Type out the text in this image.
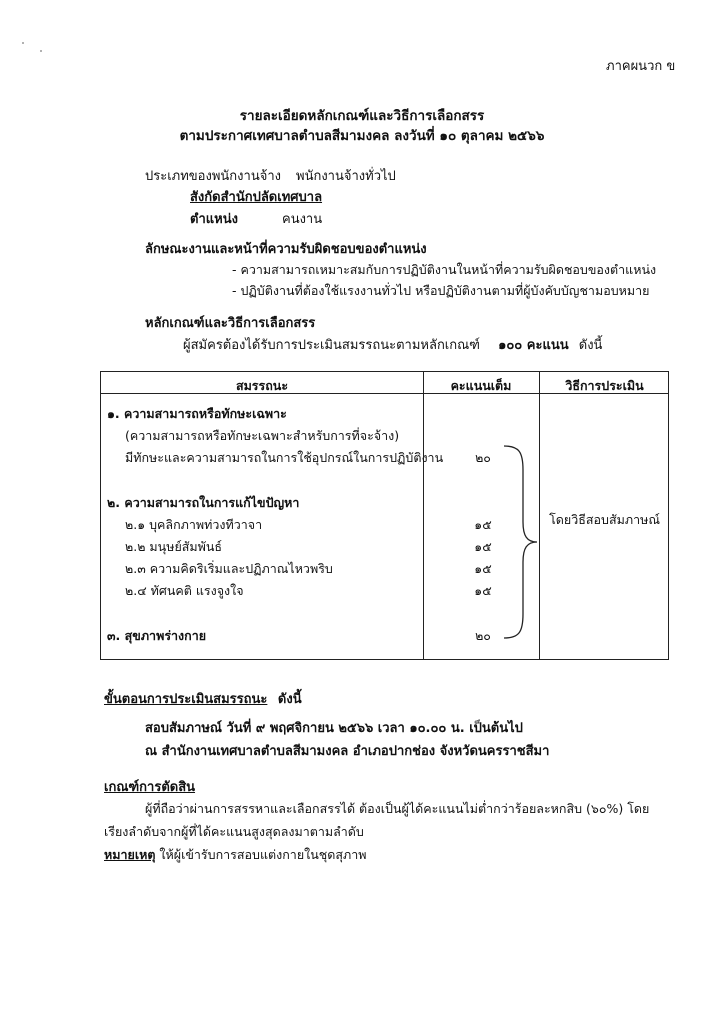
ภาคผนวก ข
รายละเอียดหลักเกณฑ์และวิธีการเลือกสรร
ตามประกาศเทศบาลตำบลสีมามงคล ลงวันที่ ๑๐ ตุลาคม ๒๕๖๖
ประเภทของพนักงานจ้าง พนักงานจ้างทั่วไป
สังกัดสำนักปลัดเทศบาล
ตำแหน่ง	คนงาน
ลักษณะงานและหน้าที่ความรับผิดชอบของตำแหน่ง
- ความสามารถเหมาะสมกับการปฏิบัติงานในหน้าที่ความรับผิดชอบของตำแหน่ง
- ปฏิบัติงานที่ต้องใช้แรงงานทั่วไป หรือปฏิบัติงานตามที่ผู้บังคับบัญชามอบหมาย
หลักเกณฑ์และวิธีการเลือกสรร
ผู้สมัครต้องได้รับการประเมินสมรรถนะตามหลักเกณฑ์ ๑๐๐ คะแนน ดังนี้
สมรรถนะ	คะแนนเต็ม	วิธีการประเมิน
๑. ความสามารถหรือทักษะเฉพาะ
(ความสามารถหรือทักษะเฉพาะสำหรับการที่จะจ้าง)
มีทักษะและความสามารถในการใช้อุปกรณ์ในการปฏิบัติงาน	๒๐
๒. ความสามารถในการแก้ไขปัญหา
๒.๑ บุคลิกภาพท่วงทีวาจา	๑๕
๒.๒ มนุษย์สัมพันธ์	๑๕
๒.๓ ความคิดริเริ่มและปฏิภาณไหวพริบ	๑๕
๒.๔ ทัศนคติ แรงจูงใจ	๑๕
๓. สุขภาพร่างกาย	๒๐
โดยวิธีสอบสัมภาษณ์
ขั้นตอนการประเมินสมรรถนะ ดังนี้
สอบสัมภาษณ์ วันที่ ๙ พฤศจิกายน ๒๕๖๖ เวลา ๑๐.๐๐ น. เป็นต้นไป
ณ สำนักงานเทศบาลตำบลสีมามงคล อำเภอปากช่อง จังหวัดนครราชสีมา
เกณฑ์การตัดสิน
ผู้ที่ถือว่าผ่านการสรรหาและเลือกสรรได้ ต้องเป็นผู้ได้คะแนนไม่ต่ำกว่าร้อยละหกสิบ (๖๐%) โดย
เรียงลำดับจากผู้ที่ได้คะแนนสูงสุดลงมาตามลำดับ
หมายเหตุ ให้ผู้เข้ารับการสอบแต่งกายในชุดสุภาพ
